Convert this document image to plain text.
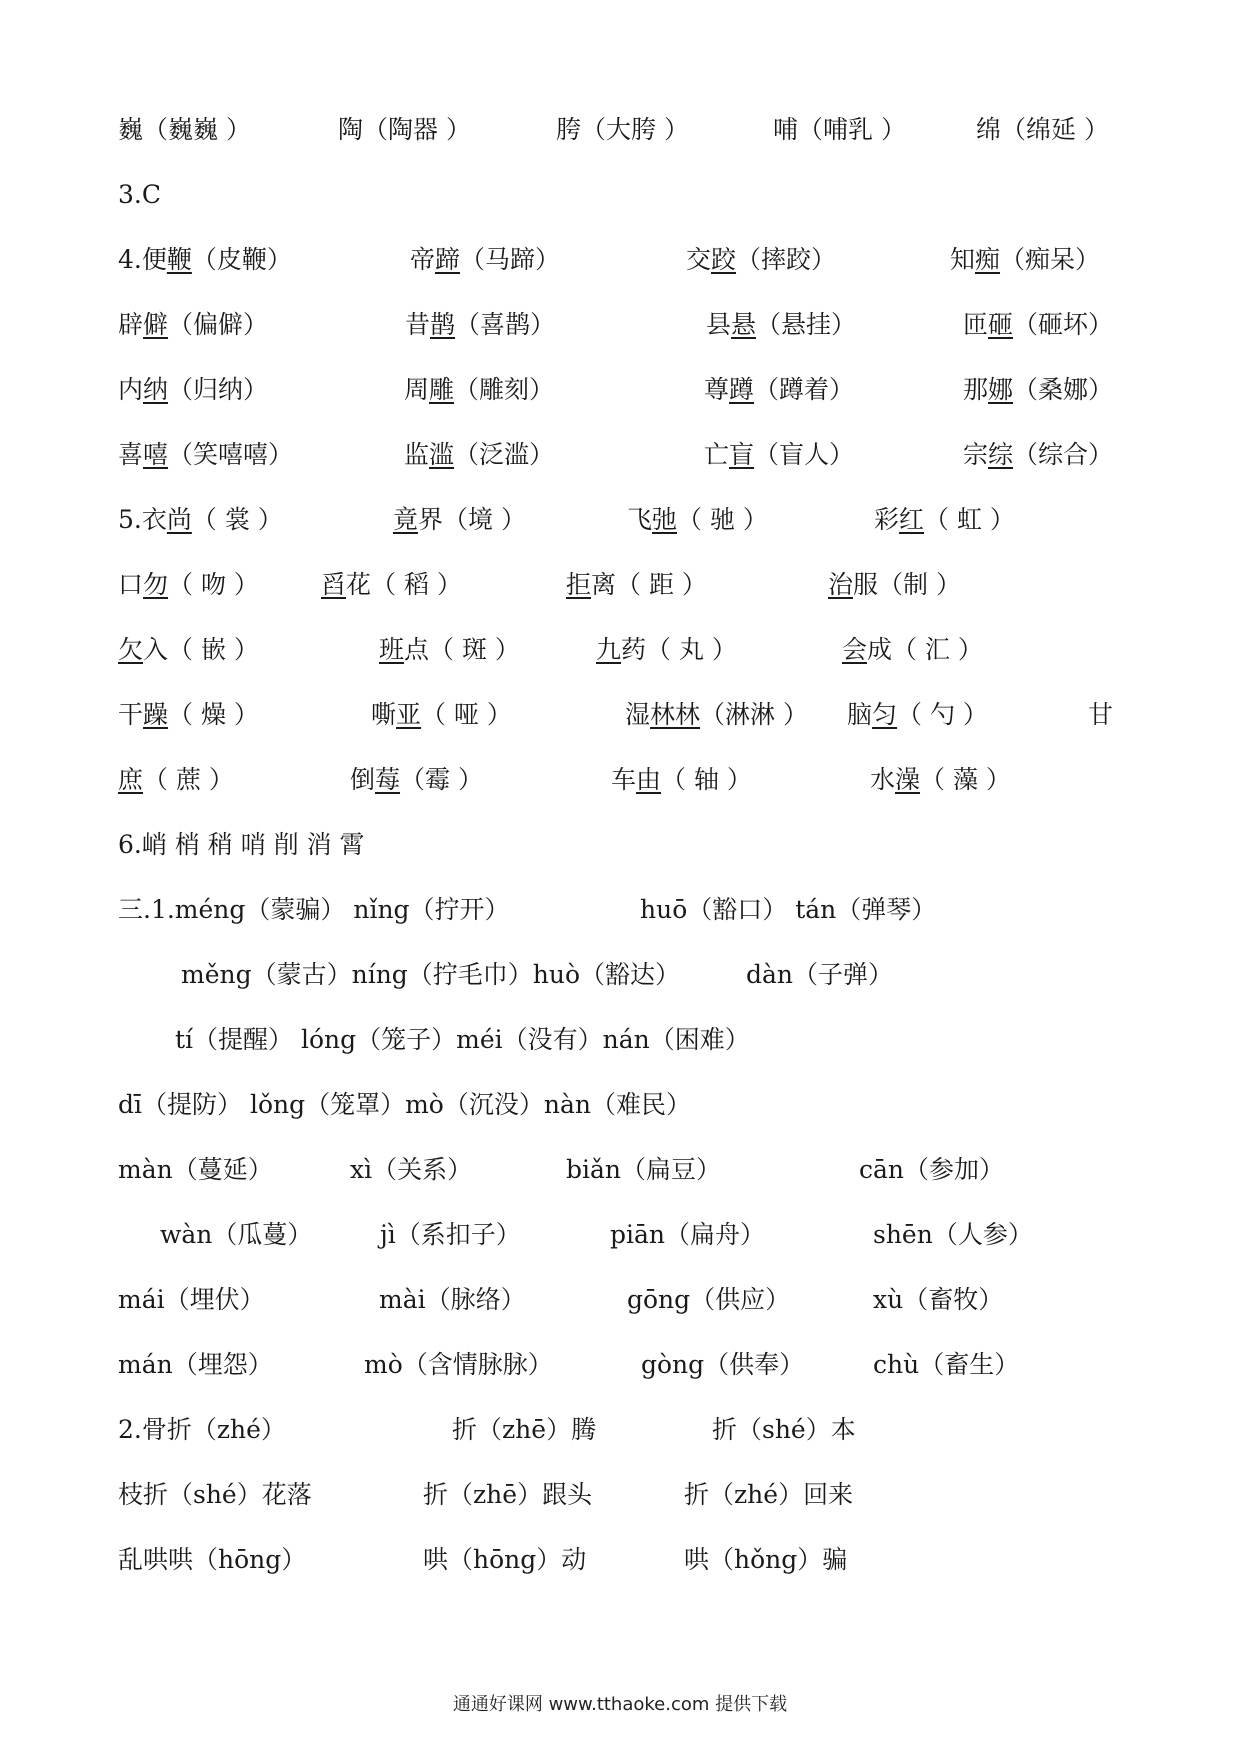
巍（巍巍 ）	陶（陶器 ）	胯（大胯 ）	哺（哺乳 ）	绵（绵延 ）
3.C
4.便鞭（皮鞭）	帝蹄（马蹄）	交跤（摔跤）	知痴（痴呆）
辟僻（偏僻）	昔鹊（喜鹊）	县悬（悬挂）	匝砸（砸坏）
内纳（归纳）	周雕（雕刻）	尊蹲（蹲着）	那娜（桑娜）
喜嘻（笑嘻嘻）	监滥（泛滥）	亡盲（盲人）	宗综（综合）
5.衣尚（ 裳 ）	竟界（境 ）	飞弛（ 驰 ）	彩红（ 虹 ）
口勿（ 吻 ） 舀花（ 稻 ）	拒离（ 距 ）	治服（制 ）
欠入（ 嵌 ）	班点（ 斑 ）	九药（ 丸 ）	会成（ 汇 ）
干躁（ 燥 ）	嘶亚（ 哑 ）	湿林林（淋淋 ） 脑匀（ 勺 ）	甘
庶（ 蔗 ）	倒莓（霉 ）	车由（ 轴 ）	水澡（ 藻 ）
6.峭 梢 稍 哨 削 消 霄
三.1.méng（蒙骗） nǐng（拧开）	huō（豁口） tán（弹琴）
měng（蒙古）níng（拧毛巾）huò（豁达）	dàn（子弹）
tí（提醒） lóng（笼子）méi（没有）nán（困难）
dī（提防） lǒng（笼罩）mò（沉没）nàn（难民）
màn（蔓延）	xì（关系）	biǎn（扁豆）	cān（参加）
wàn（瓜蔓）	jì（系扣子）	piān（扁舟）	shēn（人参）
mái（埋伏）	mài（脉络）	gōng（供应）	xù（畜牧）
mán（埋怨）	mò（含情脉脉）	gòng（供奉）	chù（畜生）
2.骨折（zhé）	折（zhē）腾	折（shé）本
枝折（shé）花落	折（zhē）跟头	折（zhé）回来
乱哄哄（hōng）	哄（hōng）动	哄（hǒng）骗
通通好课网 www.tthaoke.com 提供下载
